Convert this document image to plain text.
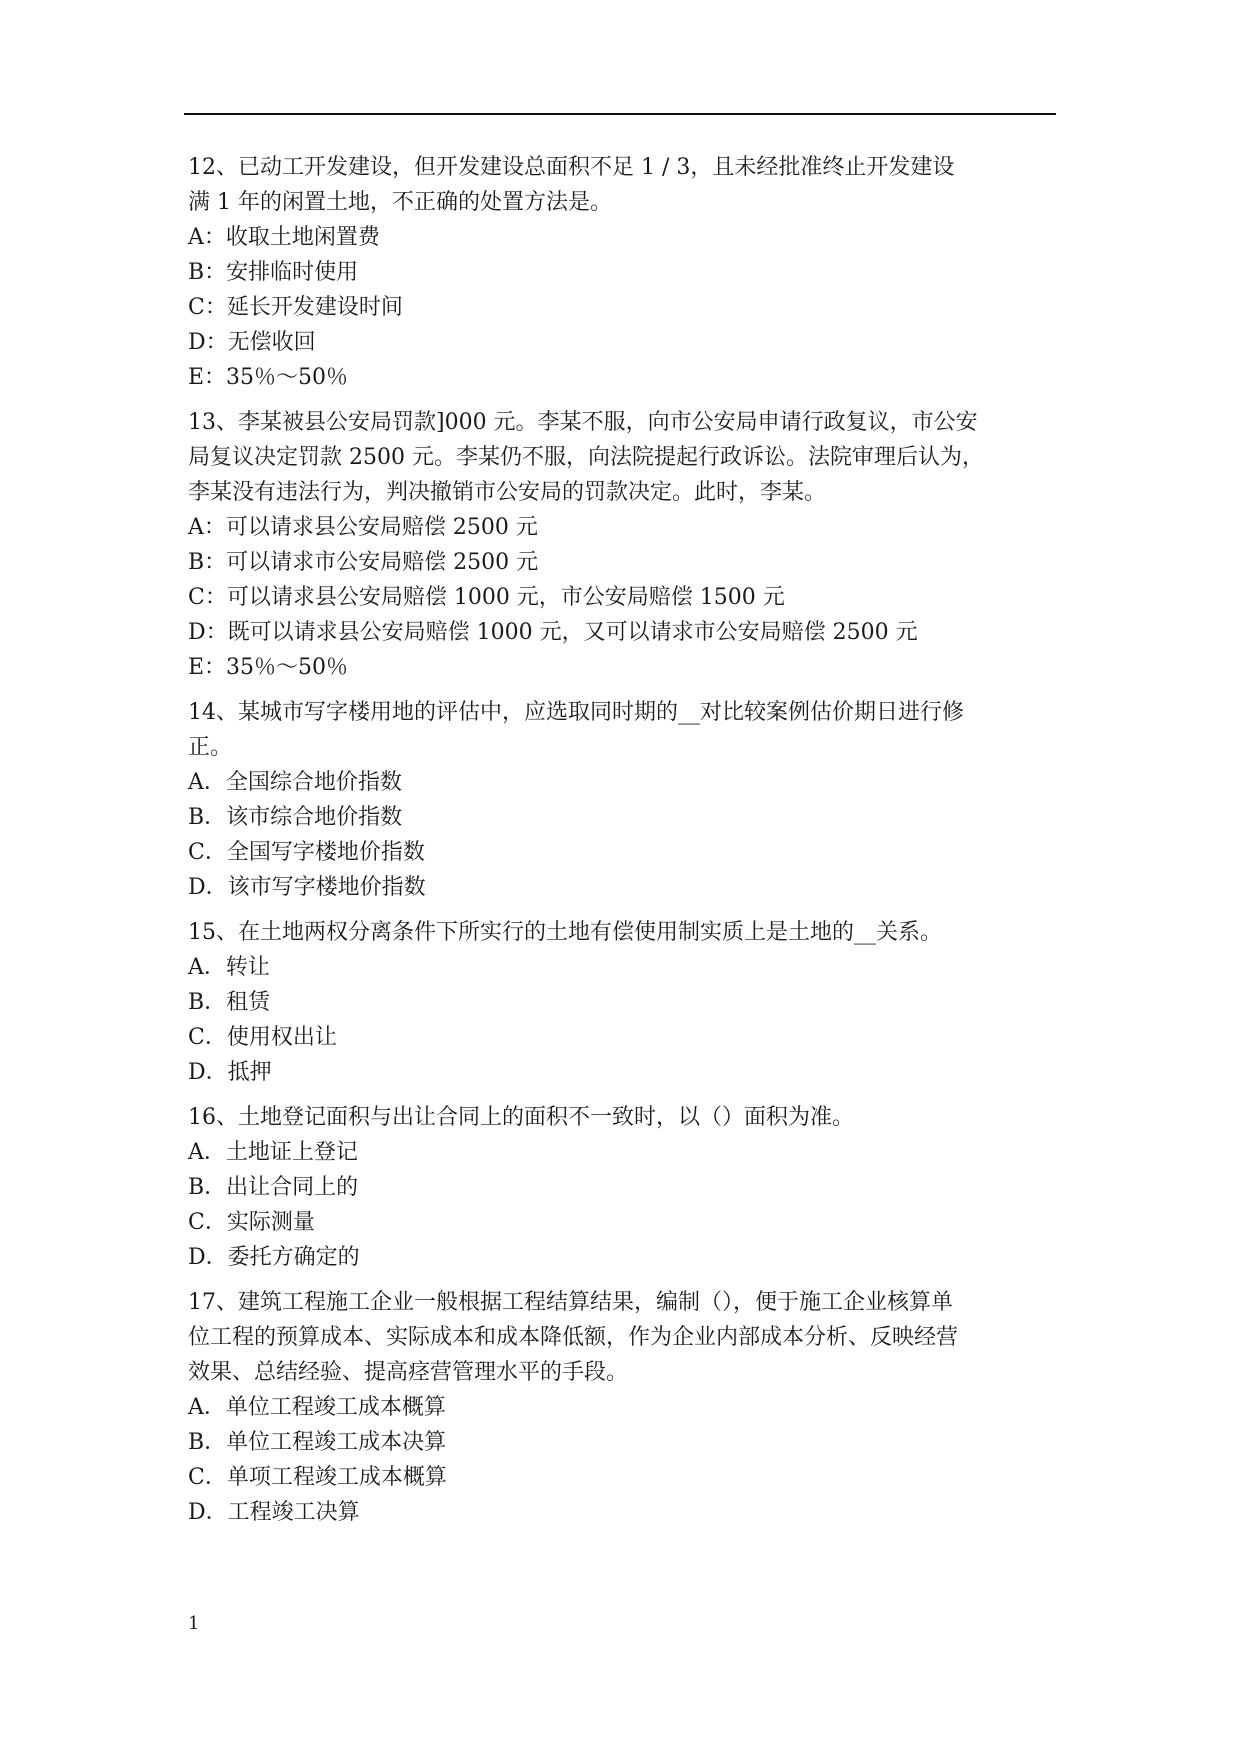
12、已动工开发建设，但开发建设总面积不足 1 / 3，且未经批准终止开发建设
满 1 年的闲置土地，不正确的处置方法是。
A：收取土地闲置费
B：安排临时使用
C：延长开发建设时间
D：无偿收回
E：35％～50％
13、李某被县公安局罚款]000 元。李某不服，向市公安局申请行政复议，市公安
局复议决定罚款 2500 元。李某仍不服，向法院提起行政诉讼。法院审理后认为，
李某没有违法行为，判决撤销市公安局的罚款决定。此时，李某。
A：可以请求县公安局赔偿 2500 元
B：可以请求市公安局赔偿 2500 元
C：可以请求县公安局赔偿 1000 元，市公安局赔偿 1500 元
D：既可以请求县公安局赔偿 1000 元，又可以请求市公安局赔偿 2500 元
E：35％～50％
14、某城市写字楼用地的评估中，应选取同时期的__对比较案例估价期日进行修
正。
A．全国综合地价指数
B．该市综合地价指数
C．全国写字楼地价指数
D．该市写字楼地价指数
15、在土地两权分离条件下所实行的土地有偿使用制实质上是土地的__关系。
A．转让
B．租赁
C．使用权出让
D．抵押
16、土地登记面积与出让合同上的面积不一致时，以（）面积为准。
A．土地证上登记
B．出让合同上的
C．实际测量
D．委托方确定的
17、建筑工程施工企业一般根据工程结算结果，编制（），便于施工企业核算单
位工程的预算成本、实际成本和成本降低额，作为企业内部成本分析、反映经营
效果、总结经验、提高痉营管理水平的手段。
A．单位工程竣工成本概算
B．单位工程竣工成本决算
C．单项工程竣工成本概算
D．工程竣工决算
1
